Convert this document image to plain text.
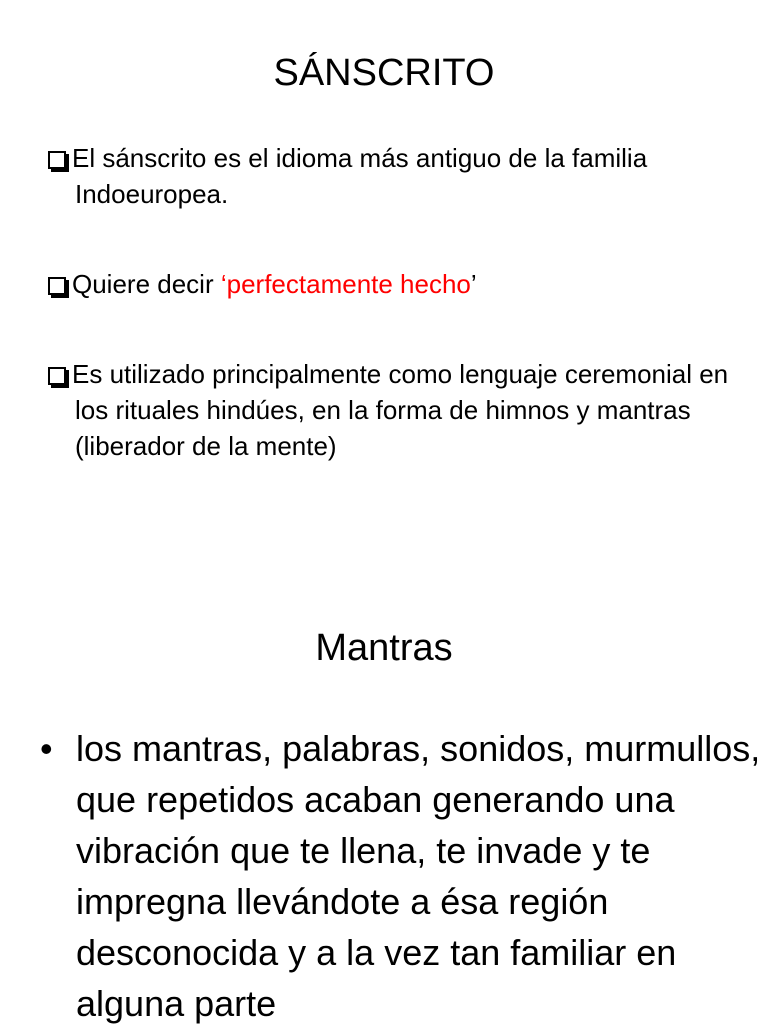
SÁNSCRITO
El sánscrito es el idioma más antiguo de la familia Indoeuropea.
Quiere decir ‘perfectamente hecho’
Es utilizado principalmente como lenguaje ceremonial en los rituales hindúes, en la forma de himnos y mantras (liberador de la mente)
Mantras
• los mantras, palabras, sonidos, murmullos, que repetidos acaban generando una vibración que te llena, te invade y te impregna llevándote a ésa región desconocida y a la vez tan familiar en alguna parte
